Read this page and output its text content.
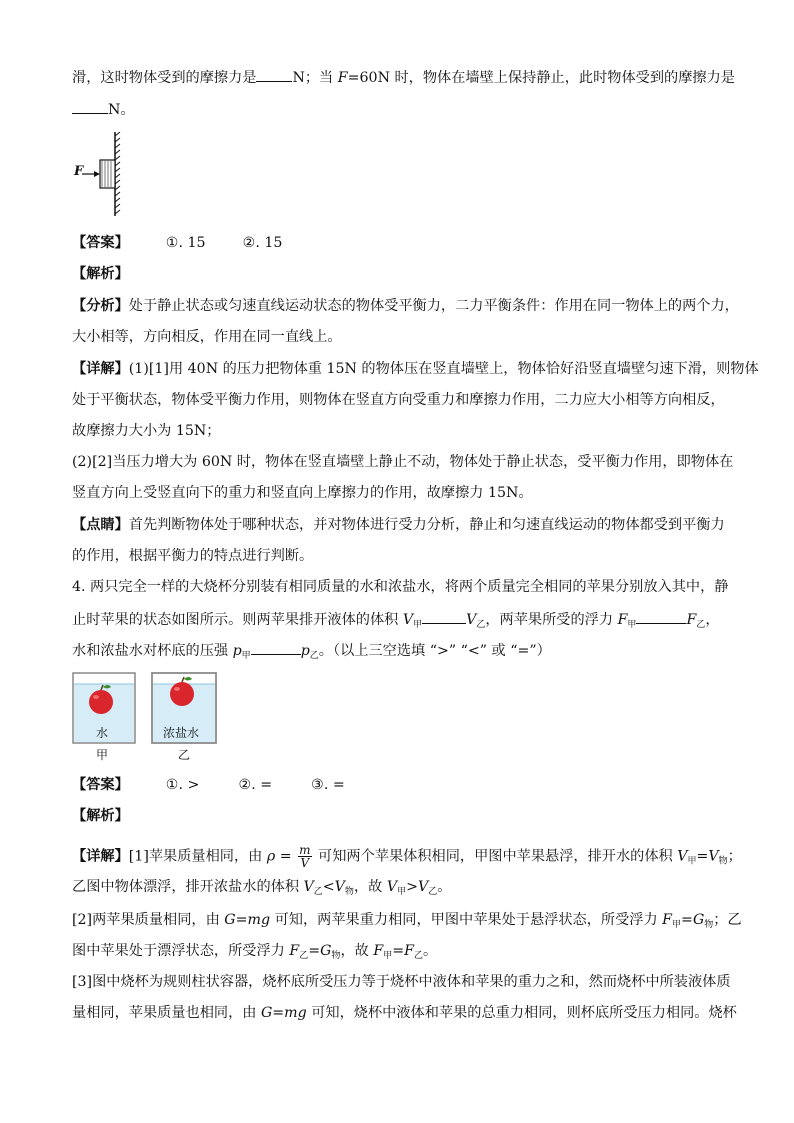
滑，这时物体受到的摩擦力是	N；当 F=60N 时，物体在墙壁上保持静止，此时物体受到的摩擦力是
N。
F
【答案】	①. 15	②. 15
【解析】
【分析】处于静止状态或匀速直线运动状态的物体受平衡力，二力平衡条件：作用在同一物体上的两个力，
大小相等，方向相反，作用在同一直线上。
【详解】(1)[1]用 40N 的压力把物体重 15N 的物体压在竖直墙壁上，物体恰好沿竖直墙壁匀速下滑，则物体
处于平衡状态，物体受平衡力作用，则物体在竖直方向受重力和摩擦力作用，二力应大小相等方向相反，
故摩擦力大小为 15N；
(2)[2]当压力增大为 60N 时，物体在竖直墙壁上静止不动，物体处于静止状态，受平衡力作用，即物体在
竖直方向上受竖直向下的重力和竖直向上摩擦力的作用，故摩擦力 15N。
【点睛】首先判断物体处于哪种状态，并对物体进行受力分析，静止和匀速直线运动的物体都受到平衡力
的作用，根据平衡力的特点进行判断。
4. 两只完全一样的大烧杯分别装有相同质量的水和浓盐水，将两个质量完全相同的苹果分别放入其中，静
止时苹果的状态如图所示。则两苹果排开液体的体积 $V_甲$	$V_乙$，两苹果所受的浮力 $F_甲$	$F_乙$，
水和浓盐水对杯底的压强 $p_甲$	$p_乙$。（以上三空选填 “>” “<” 或 “=”）
水	浓盐水
甲	乙
【答案】	①. >	②. =	③. =
【解析】
【详解】[1]苹果质量相同，由 $\rho = \frac{m}{V}$ 可知两个苹果体积相同，甲图中苹果悬浮，排开水的体积 $V_甲=V_物$；
乙图中物体漂浮，排开浓盐水的体积 $V_乙<V_物$，故 $V_甲>V_乙$。
[2]两苹果质量相同，由 G=mg 可知，两苹果重力相同，甲图中苹果处于悬浮状态，所受浮力 $F_甲=G_物$；乙
图中苹果处于漂浮状态，所受浮力 $F_乙=G_物$，故 $F_甲=F_乙$。
[3]图中烧杯为规则柱状容器，烧杯底所受压力等于烧杯中液体和苹果的重力之和，然而烧杯中所装液体质
量相同，苹果质量也相同，由 G=mg 可知，烧杯中液体和苹果的总重力相同，则杯底所受压力相同。烧杯
